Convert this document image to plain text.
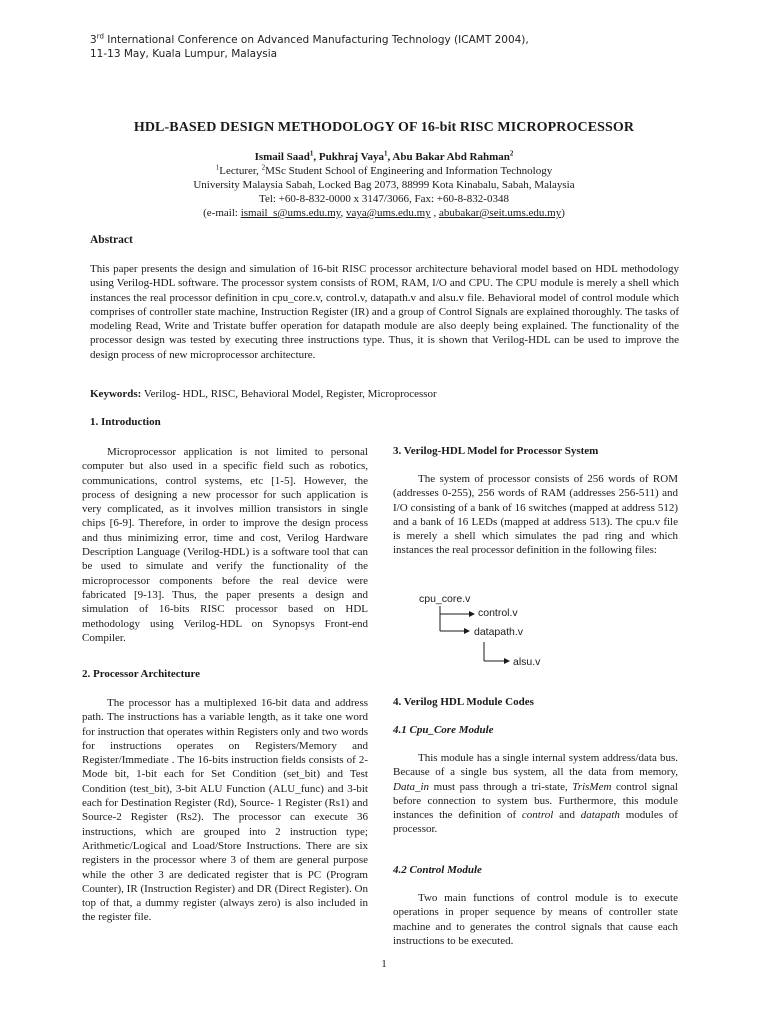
3rd International Conference on Advanced Manufacturing Technology (ICAMT 2004),
11-13 May, Kuala Lumpur, Malaysia
HDL-BASED DESIGN METHODOLOGY OF 16-bit RISC MICROPROCESSOR
Ismail Saad$^1$, Pukhraj Vaya$^1$, Abu Bakar Abd Rahman$^2$
$^1$Lecturer, $^2$MSc Student School of Engineering and Information Technology
University Malaysia Sabah, Locked Bag 2073, 88999 Kota Kinabalu, Sabah, Malaysia
Tel: +60-8-832-0000 x 3147/3066, Fax: +60-8-832-0348
(e-mail: ismail_s@ums.edu.my, vaya@ums.edu.my , abubakar@seit.ums.edu.my)
Abstract
This paper presents the design and simulation of 16-bit RISC processor architecture behavioral model based on HDL methodology using Verilog-HDL software. The processor system consists of ROM, RAM, I/O and CPU. The CPU module is merely a shell which instances the real processor definition in cpu_core.v, control.v, datapath.v and alsu.v file. Behavioral model of control module which comprises of controller state machine, Instruction Register (IR) and a group of Control Signals are explained thoroughly. The tasks of modeling Read, Write and Tristate buffer operation for datapath module are also deeply being explained. The functionality of the processor design was tested by executing three instructions type. Thus, it is shown that Verilog-HDL can be used to improve the design process of new microprocessor architecture.
Keywords: Verilog- HDL, RISC, Behavioral Model, Register, Microprocessor
1. Introduction

Microprocessor application is not limited to personal computer but also used in a specific field such as robotics, communications, control systems, etc [1-5]. However, the process of designing a new processor for such application is very complicated, as it involves million transistors in single chips [6-9]. Therefore, in order to improve the design process and thus minimizing error, time and cost, Verilog Hardware Description Language (Verilog-HDL) is a software tool that can be used to simulate and verify the functionality of the microprocessor components before the real device were fabricated [9-13]. Thus, the paper presents a design and simulation of 16-bits RISC processor based on HDL methodology using Verilog-HDL on Synopsys Front-end Compiler.

2. Processor Architecture

The processor has a multiplexed 16-bit data and address path. The instructions has a variable length, as it take one word for instruction that operates within Registers only and two words for instructions operates on Registers/Memory and Register/Immediate . The 16-bits instruction fields consists of 2-Mode bit, 1-bit each for Set Condition (set_bit) and Test Condition (test_bit), 3-bit ALU Function (ALU_func) and 3-bit each for Destination Register (Rd), Source- 1 Register (Rs1) and Source-2 Register (Rs2). The processor can execute 36 instructions, which are grouped into 2 instruction type; Arithmetic/Logical and Load/Store Instructions. There are six registers in the processor where 3 of them are general purpose while the other 3 are dedicated register that is PC (Program Counter), IR (Instruction Register) and DR (Direct Register). On top of that, a dummy register (always zero) is also included in the register file.

3. Verilog-HDL Model for Processor System

The system of processor consists of 256 words of ROM (addresses 0-255), 256 words of RAM (addresses 256-511) and I/O consisting of a bank of 16 switches (mapped at address 512) and a bank of 16 LEDs (mapped at address 513). The cpu.v file is merely a shell which simulates the pad ring and which instances the real processor definition in the following files:

cpu_core.v
control.v
datapath.v
alsu.v
4. Verilog HDL Module Codes
4.1 Cpu_Core Module

This module has a single internal system address/data bus. Because of a single bus system, all the data from memory, Data_in must pass through a tri-state, TrisMem control signal before connection to system bus. Furthermore, this module instances the definition of control and datapath modules of processor.

4.2 Control Module

Two main functions of control module is to execute operations in proper sequence by means of controller state machine and to generates the control signals that cause each instructions to be executed.

1
